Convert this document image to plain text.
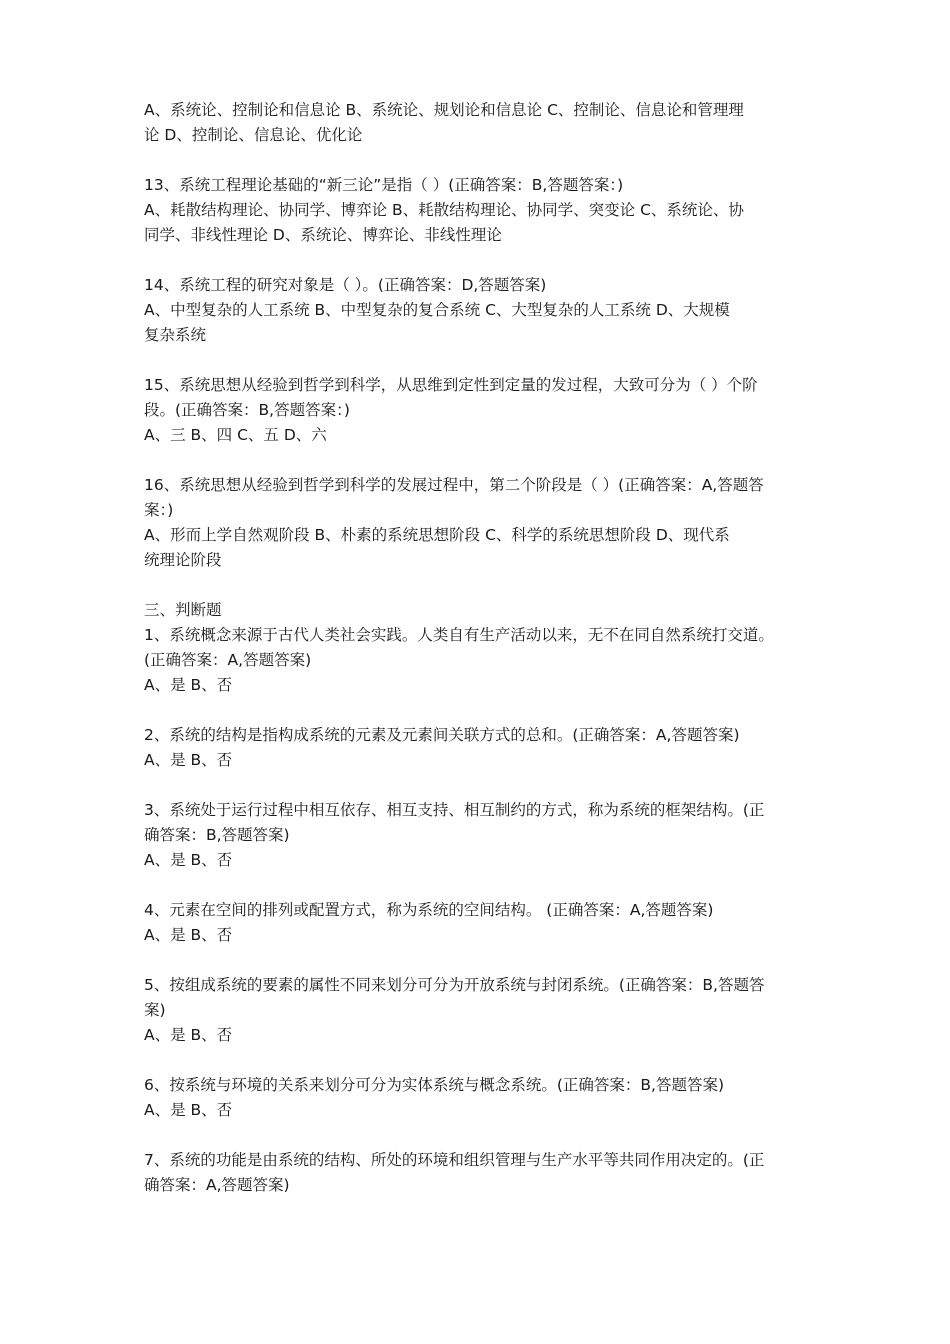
A、系统论、控制论和信息论 B、系统论、规划论和信息论 C、控制论、信息论和管理理
论 D、控制论、信息论、优化论
13、系统工程理论基础的“新三论”是指（ ）(正确答案：B,答题答案：)
A、耗散结构理论、协同学、博弈论 B、耗散结构理论、协同学、突变论 C、系统论、协
同学、非线性理论 D、系统论、博弈论、非线性理论
14、系统工程的研究对象是（ ）。(正确答案：D,答题答案)
A、中型复杂的人工系统 B、中型复杂的复合系统 C、大型复杂的人工系统 D、大规模
复杂系统
15、系统思想从经验到哲学到科学，从思维到定性到定量的发过程，大致可分为（ ）个阶
段。(正确答案：B,答题答案：)
A、三 B、四 C、五 D、六
16、系统思想从经验到哲学到科学的发展过程中，第二个阶段是（ ）(正确答案：A,答题答
案：)
A、形而上学自然观阶段 B、朴素的系统思想阶段 C、科学的系统思想阶段 D、现代系
统理论阶段
三、判断题
1、系统概念来源于古代人类社会实践。人类自有生产活动以来，无不在同自然系统打交道。
(正确答案：A,答题答案)
A、是 B、否
2、系统的结构是指构成系统的元素及元素间关联方式的总和。(正确答案：A,答题答案)
A、是 B、否
3、系统处于运行过程中相互依存、相互支持、相互制约的方式，称为系统的框架结构。(正
确答案：B,答题答案)
A、是 B、否
4、元素在空间的排列或配置方式，称为系统的空间结构。 (正确答案：A,答题答案)
A、是 B、否
5、按组成系统的要素的属性不同来划分可分为开放系统与封闭系统。(正确答案：B,答题答
案)
A、是 B、否
6、按系统与环境的关系来划分可分为实体系统与概念系统。(正确答案：B,答题答案)
A、是 B、否
7、系统的功能是由系统的结构、所处的环境和组织管理与生产水平等共同作用决定的。(正
确答案：A,答题答案)
